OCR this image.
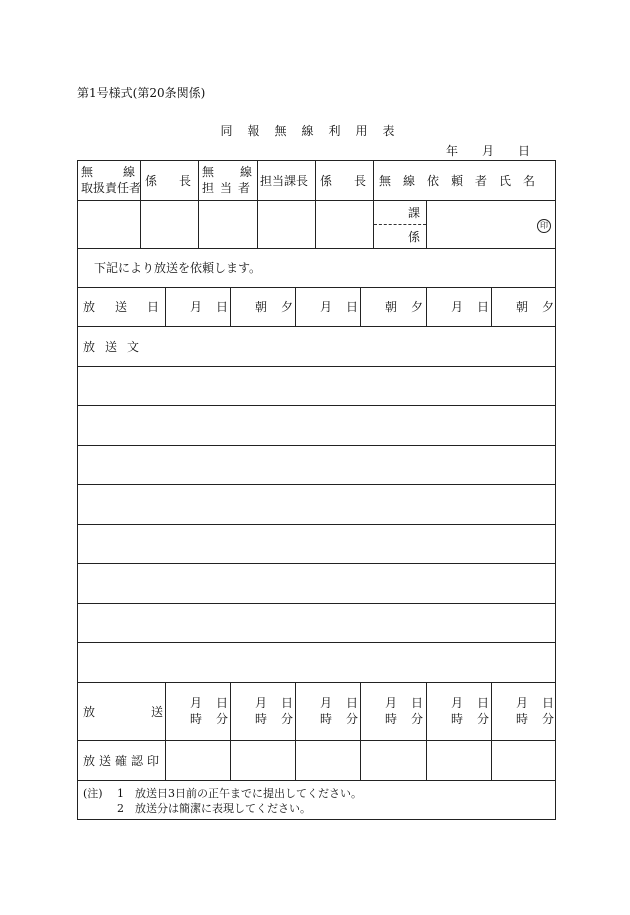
第1号様式(第20条関係)
同報無線利用表
年月日
無線
取扱責任者 係長
無線
担当者 担当課長 係長
無線依頼者氏名
課
係
印
下記により放送を依頼します。
放送日 月日 朝夕 月日 朝夕 月日 朝夕
放送文
放送
月日
時分
月日
時分
月日
時分
月日
時分
月日
時分
月日
時分
放送確認印
(注) 1 放送日3日前の正午までに提出してください。
2 放送分は簡潔に表現してください。
